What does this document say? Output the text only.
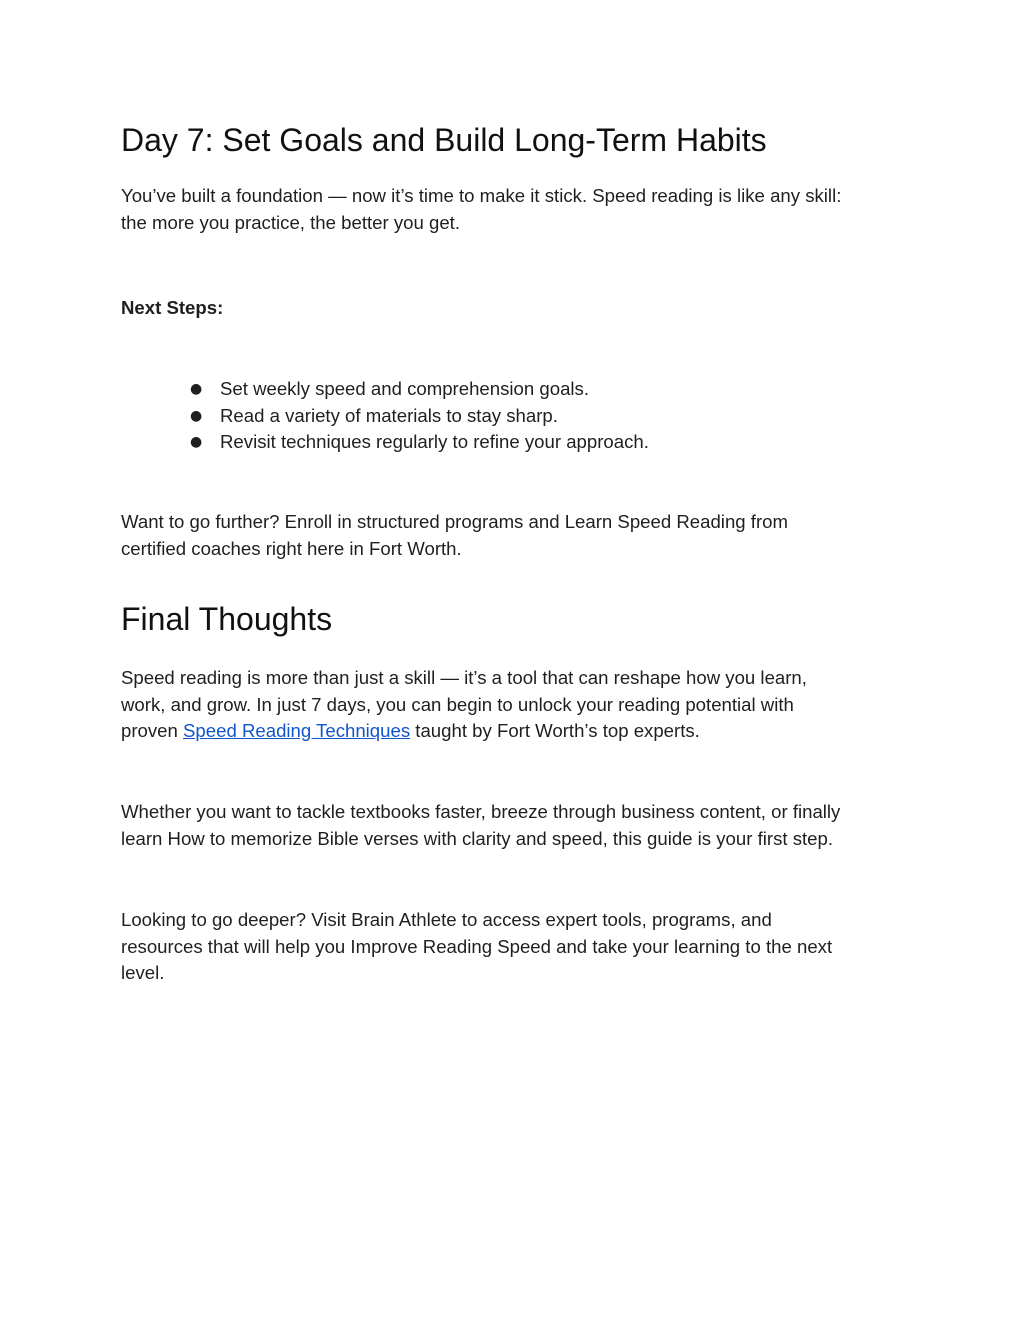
Day 7: Set Goals and Build Long-Term Habits

You’ve built a foundation — now it’s time to make it stick. Speed reading is like any skill:
the more you practice, the better you get.

Next Steps:
● Set weekly speed and comprehension goals.
● Read a variety of materials to stay sharp.
● Revisit techniques regularly to refine your approach.

Want to go further? Enroll in structured programs and Learn Speed Reading from
certified coaches right here in Fort Worth.

Final Thoughts

Speed reading is more than just a skill — it’s a tool that can reshape how you learn,
work, and grow. In just 7 days, you can begin to unlock your reading potential with
proven Speed Reading Techniques taught by Fort Worth’s top experts.

Whether you want to tackle textbooks faster, breeze through business content, or finally
learn How to memorize Bible verses with clarity and speed, this guide is your first step.

Looking to go deeper? Visit Brain Athlete to access expert tools, programs, and
resources that will help you Improve Reading Speed and take your learning to the next
level.
